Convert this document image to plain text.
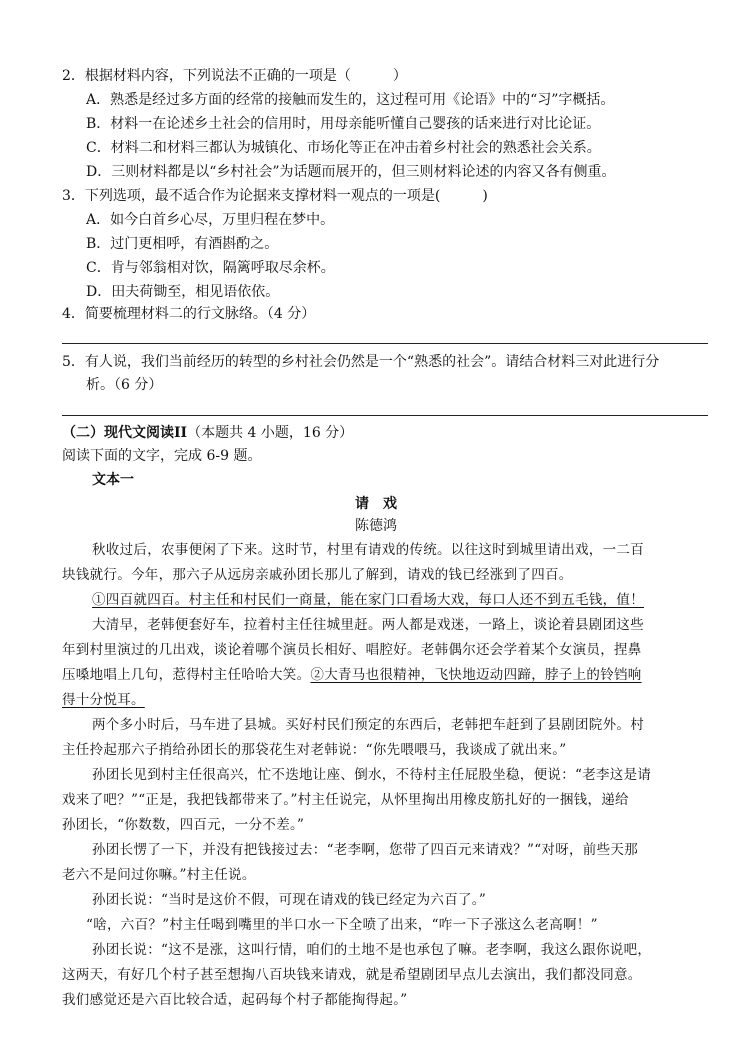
2．根据材料内容，下列说法不正确的一项是（　　　）
A．熟悉是经过多方面的经常的接触而发生的，这过程可用《论语》中的“习”字概括。
B．材料一在论述乡土社会的信用时，用母亲能听懂自己婴孩的话来进行对比论证。
C．材料二和材料三都认为城镇化、市场化等正在冲击着乡村社会的熟悉社会关系。
D．三则材料都是以“乡村社会”为话题而展开的，但三则材料论述的内容又各有侧重。
3．下列选项，最不适合作为论据来支撑材料一观点的一项是(　　　)
A．如今白首乡心尽，万里归程在梦中。
B．过门更相呼，有酒斟酌之。
C．肯与邻翁相对饮，隔篱呼取尽余杯。
D．田夫荷锄至，相见语依依。
4．简要梳理材料二的行文脉络。（4 分）
5．有人说，我们当前经历的转型的乡村社会仍然是一个“熟悉的社会”。请结合材料三对此进行分
析。（6 分）
（二）现代文阅读II（本题共 4 小题，16 分）
阅读下面的文字，完成 6-9 题。
文本一
请　戏
陈德鸿
秋收过后，农事便闲了下来。这时节，村里有请戏的传统。以往这时到城里请出戏，一二百
块钱就行。今年，那六子从远房亲戚孙团长那儿了解到，请戏的钱已经涨到了四百。
①四百就四百。村主任和村民们一商量，能在家门口看场大戏，每口人还不到五毛钱，值！
大清早，老韩便套好车，拉着村主任往城里赶。两人都是戏迷，一路上，谈论着县剧团这些
年到村里演过的几出戏，谈论着哪个演员长相好、唱腔好。老韩偶尔还会学着某个女演员，捏鼻
压嗓地唱上几句，惹得村主任哈哈大笑。②大青马也很精神，飞快地迈动四蹄，脖子上的铃铛响
得十分悦耳。
两个多小时后，马车进了县城。买好村民们预定的东西后，老韩把车赶到了县剧团院外。村
主任拎起那六子捎给孙团长的那袋花生对老韩说：“你先喂喂马，我谈成了就出来。”
孙团长见到村主任很高兴，忙不迭地让座、倒水，不待村主任屁股坐稳，便说：“老李这是请
戏来了吧？”“正是，我把钱都带来了。”村主任说完，从怀里掏出用橡皮筋扎好的一捆钱，递给
孙团长，“你数数，四百元，一分不差。”
孙团长愣了一下，并没有把钱接过去：“老李啊，您带了四百元来请戏？”“对呀，前些天那
老六不是问过你嘛。”村主任说。
孙团长说：“当时是这价不假，可现在请戏的钱已经定为六百了。”
“啥，六百？”村主任喝到嘴里的半口水一下全喷了出来，“咋一下子涨这么老高啊！”
孙团长说：“这不是涨，这叫行情，咱们的土地不是也承包了嘛。老李啊，我这么跟你说吧，
这两天，有好几个村子甚至想掏八百块钱来请戏，就是希望剧团早点儿去演出，我们都没同意。
我们感觉还是六百比较合适，起码每个村子都能掏得起。”
